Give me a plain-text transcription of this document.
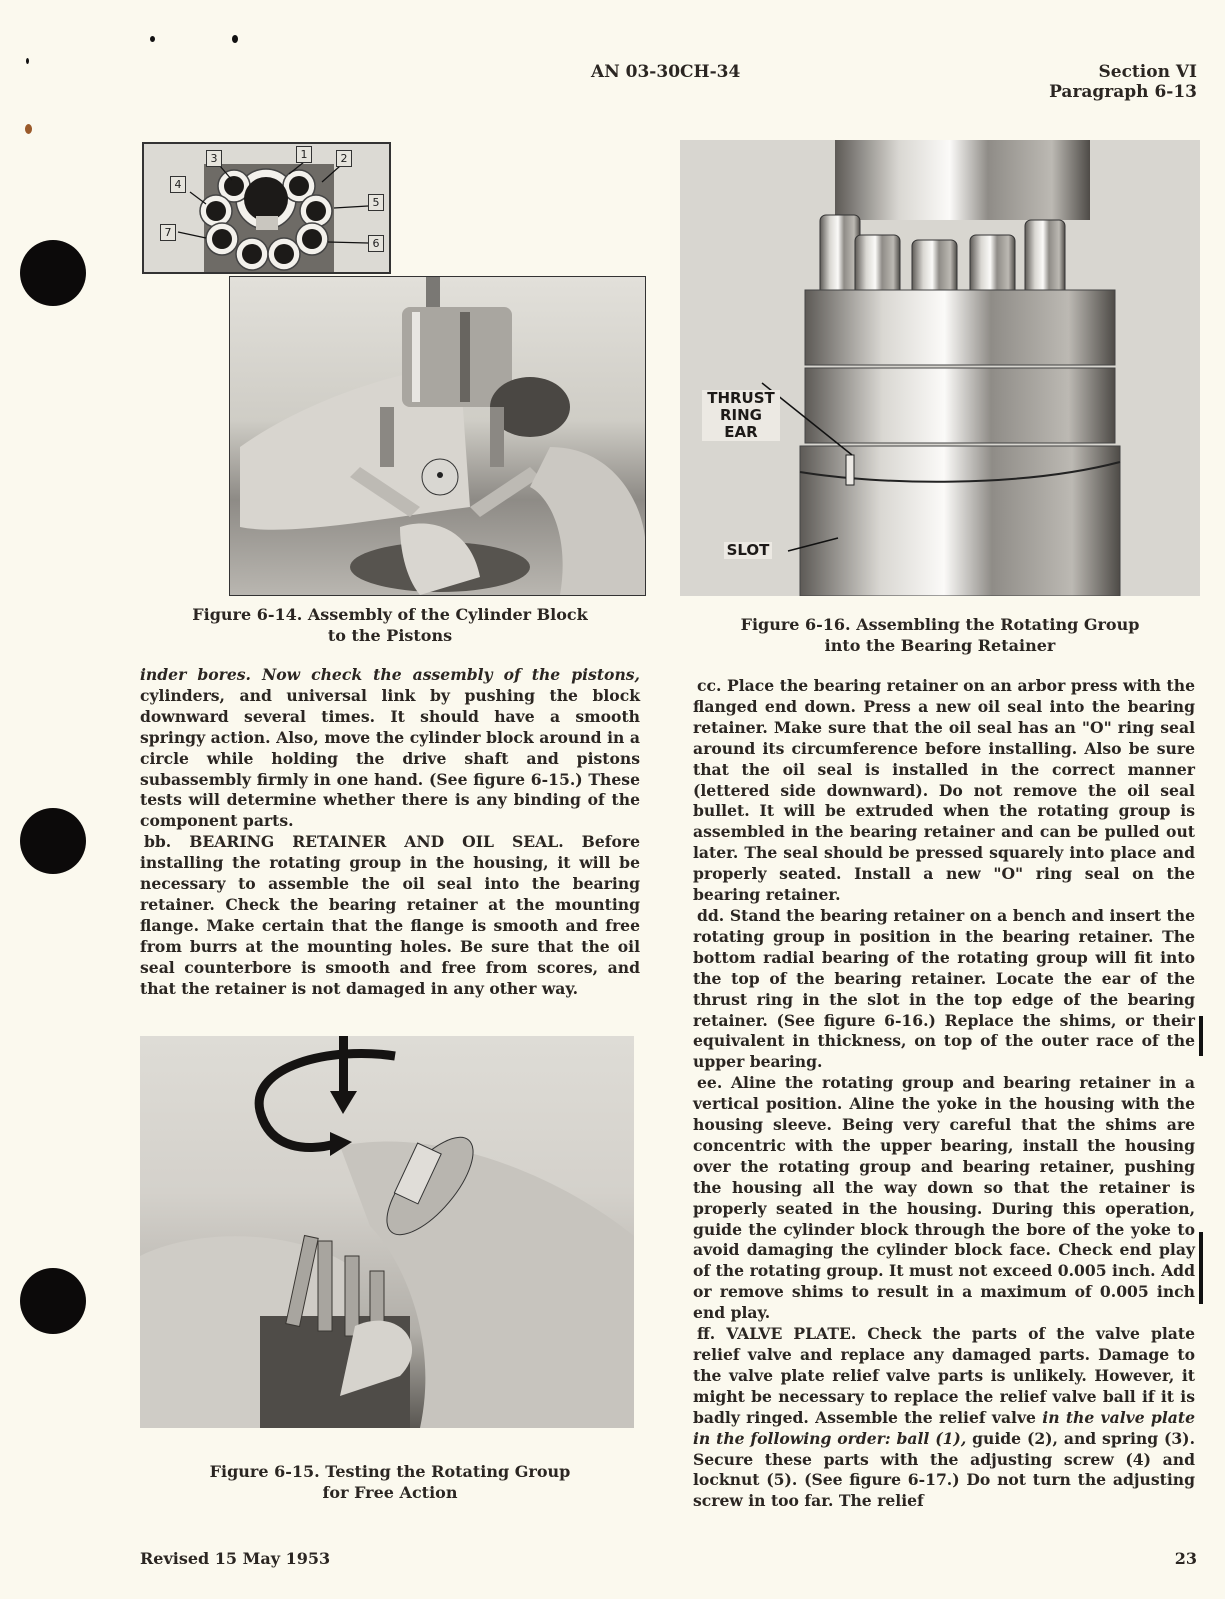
AN 03-30CH-34	Section VI
Paragraph 6-13
1	2
3
4
5
6
7
Figure 6-14. Assembly of the Cylinder Block
to the Pistons

inder bores. Now check the assembly of the pistons, cylinders, and universal link by pushing the block downward several times. It should have a smooth springy action. Also, move the cylinder block around in a circle while holding the drive shaft and pistons subassembly firmly in one hand. (See figure 6-15.) These tests will determine whether there is any binding of the component parts.

bb. BEARING RETAINER AND OIL SEAL. Before installing the rotating group in the housing, it will be necessary to assemble the oil seal into the bearing retainer. Check the bearing retainer at the mounting flange. Make certain that the flange is smooth and free from burrs at the mounting holes. Be sure that the oil seal counterbore is smooth and free from scores, and that the retainer is not damaged in any other way.

Figure 6-15. Testing the Rotating Group
for Free Action
THRUST
RING
EAR
SLOT
Figure 6-16. Assembling the Rotating Group
into the Bearing Retainer

cc. Place the bearing retainer on an arbor press with the flanged end down. Press a new oil seal into the bearing retainer. Make sure that the oil seal has an "O" ring seal around its circumference before installing. Also be sure that the oil seal is installed in the correct manner (lettered side downward). Do not remove the oil seal bullet. It will be extruded when the rotating group is assembled in the bearing retainer and can be pulled out later. The seal should be pressed squarely into place and properly seated. Install a new "O" ring seal on the bearing retainer.

dd. Stand the bearing retainer on a bench and insert the rotating group in position in the bearing retainer. The bottom radial bearing of the rotating group will fit into the top of the bearing retainer. Locate the ear of the thrust ring in the slot in the top edge of the bearing retainer. (See figure 6-16.) Replace the shims, or their equivalent in thickness, on top of the outer race of the upper bearing.

ee. Aline the rotating group and bearing retainer in a vertical position. Aline the yoke in the housing with the housing sleeve. Being very careful that the shims are concentric with the upper bearing, install the housing over the rotating group and bearing retainer, pushing the housing all the way down so that the retainer is properly seated in the housing. During this operation, guide the cylinder block through the bore of the yoke to avoid damaging the cylinder block face. Check end play of the rotating group. It must not exceed 0.005 inch. Add or remove shims to result in a maximum of 0.005 inch end play.

ff. VALVE PLATE. Check the parts of the valve plate relief valve and replace any damaged parts. Damage to the valve plate relief valve parts is unlikely. However, it might be necessary to replace the relief valve ball if it is badly ringed. Assemble the relief valve in the valve plate in the following order: ball (1), guide (2), and spring (3). Secure these parts with the adjusting screw (4) and locknut (5). (See figure 6-17.) Do not turn the adjusting screw in too far. The relief

Revised 15 May 1953	23
